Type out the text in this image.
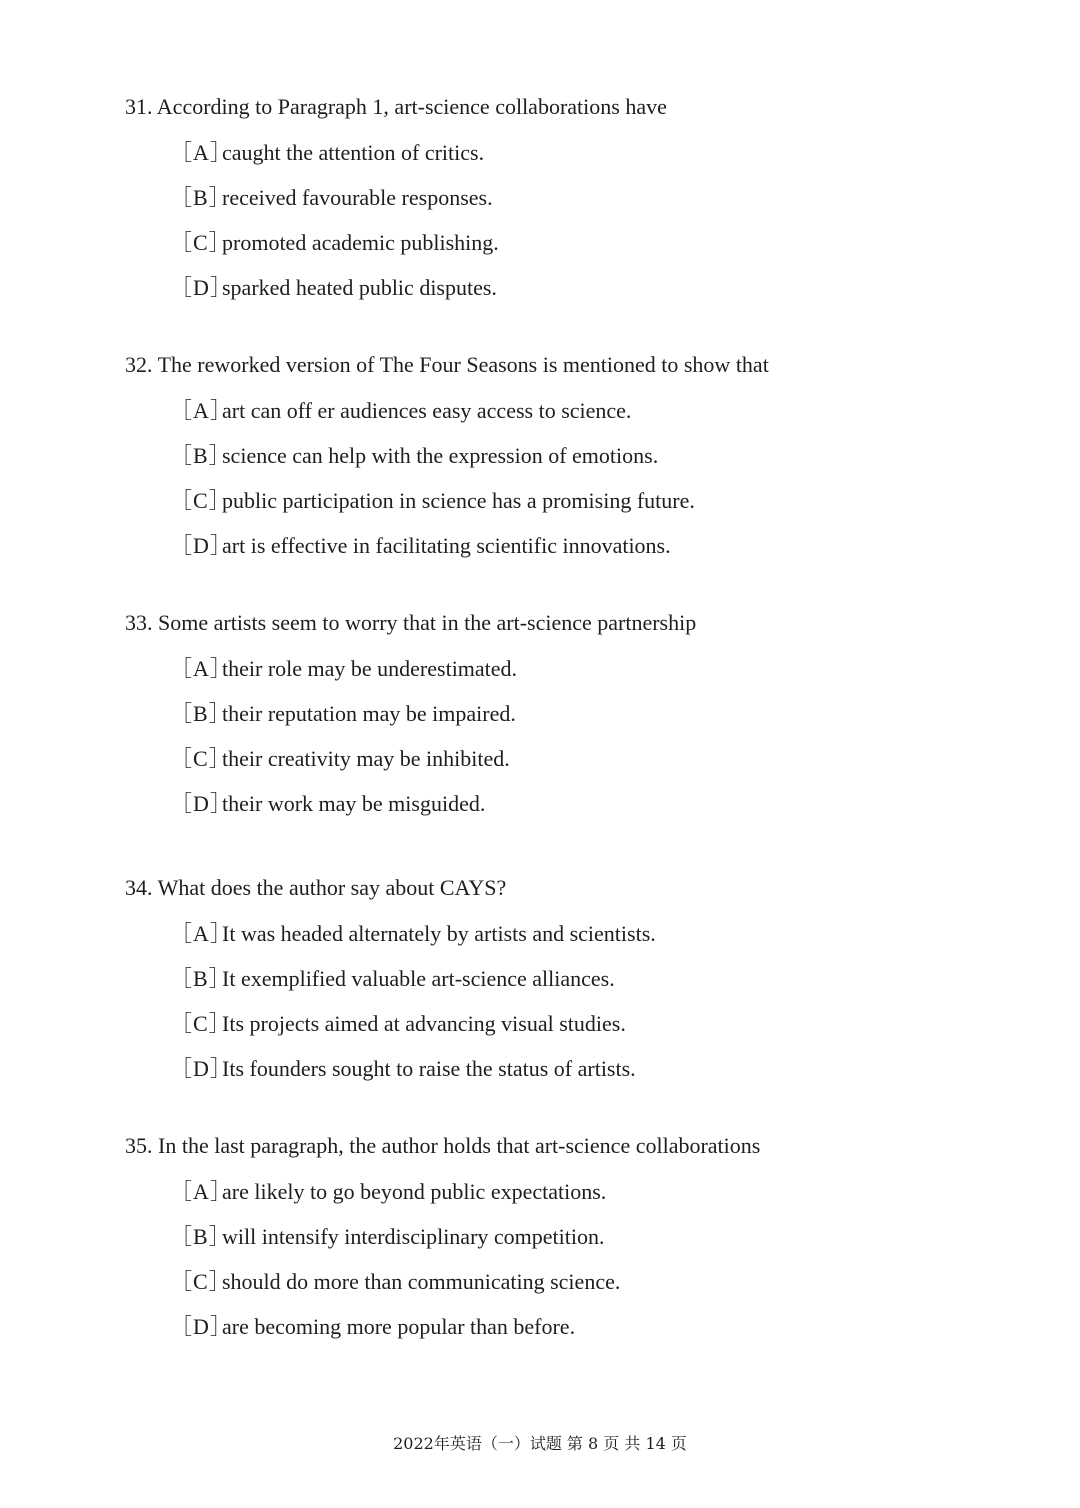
31. According to Paragraph 1, art-science collaborations have
［A］caught the attention of critics.
［B］received favourable responses.
［C］promoted academic publishing.
［D］sparked heated public disputes.
32. The reworked version of The Four Seasons is mentioned to show that
［A］art can off er audiences easy access to science.
［B］science can help with the expression of emotions.
［C］public participation in science has a promising future.
［D］art is effective in facilitating scientific innovations.
33. Some artists seem to worry that in the art-science partnership
［A］their role may be underestimated.
［B］their reputation may be impaired.
［C］their creativity may be inhibited.
［D］their work may be misguided.
34. What does the author say about CAYS?
［A］It was headed alternately by artists and scientists.
［B］It exemplified valuable art-science alliances.
［C］Its projects aimed at advancing visual studies.
［D］Its founders sought to raise the status of artists.
35. In the last paragraph, the author holds that art-science collaborations
［A］are likely to go beyond public expectations.
［B］will intensify interdisciplinary competition.
［C］should do more than communicating science.
［D］are becoming more popular than before.
2022年英语（一）试题 第 8 页 共 14 页
